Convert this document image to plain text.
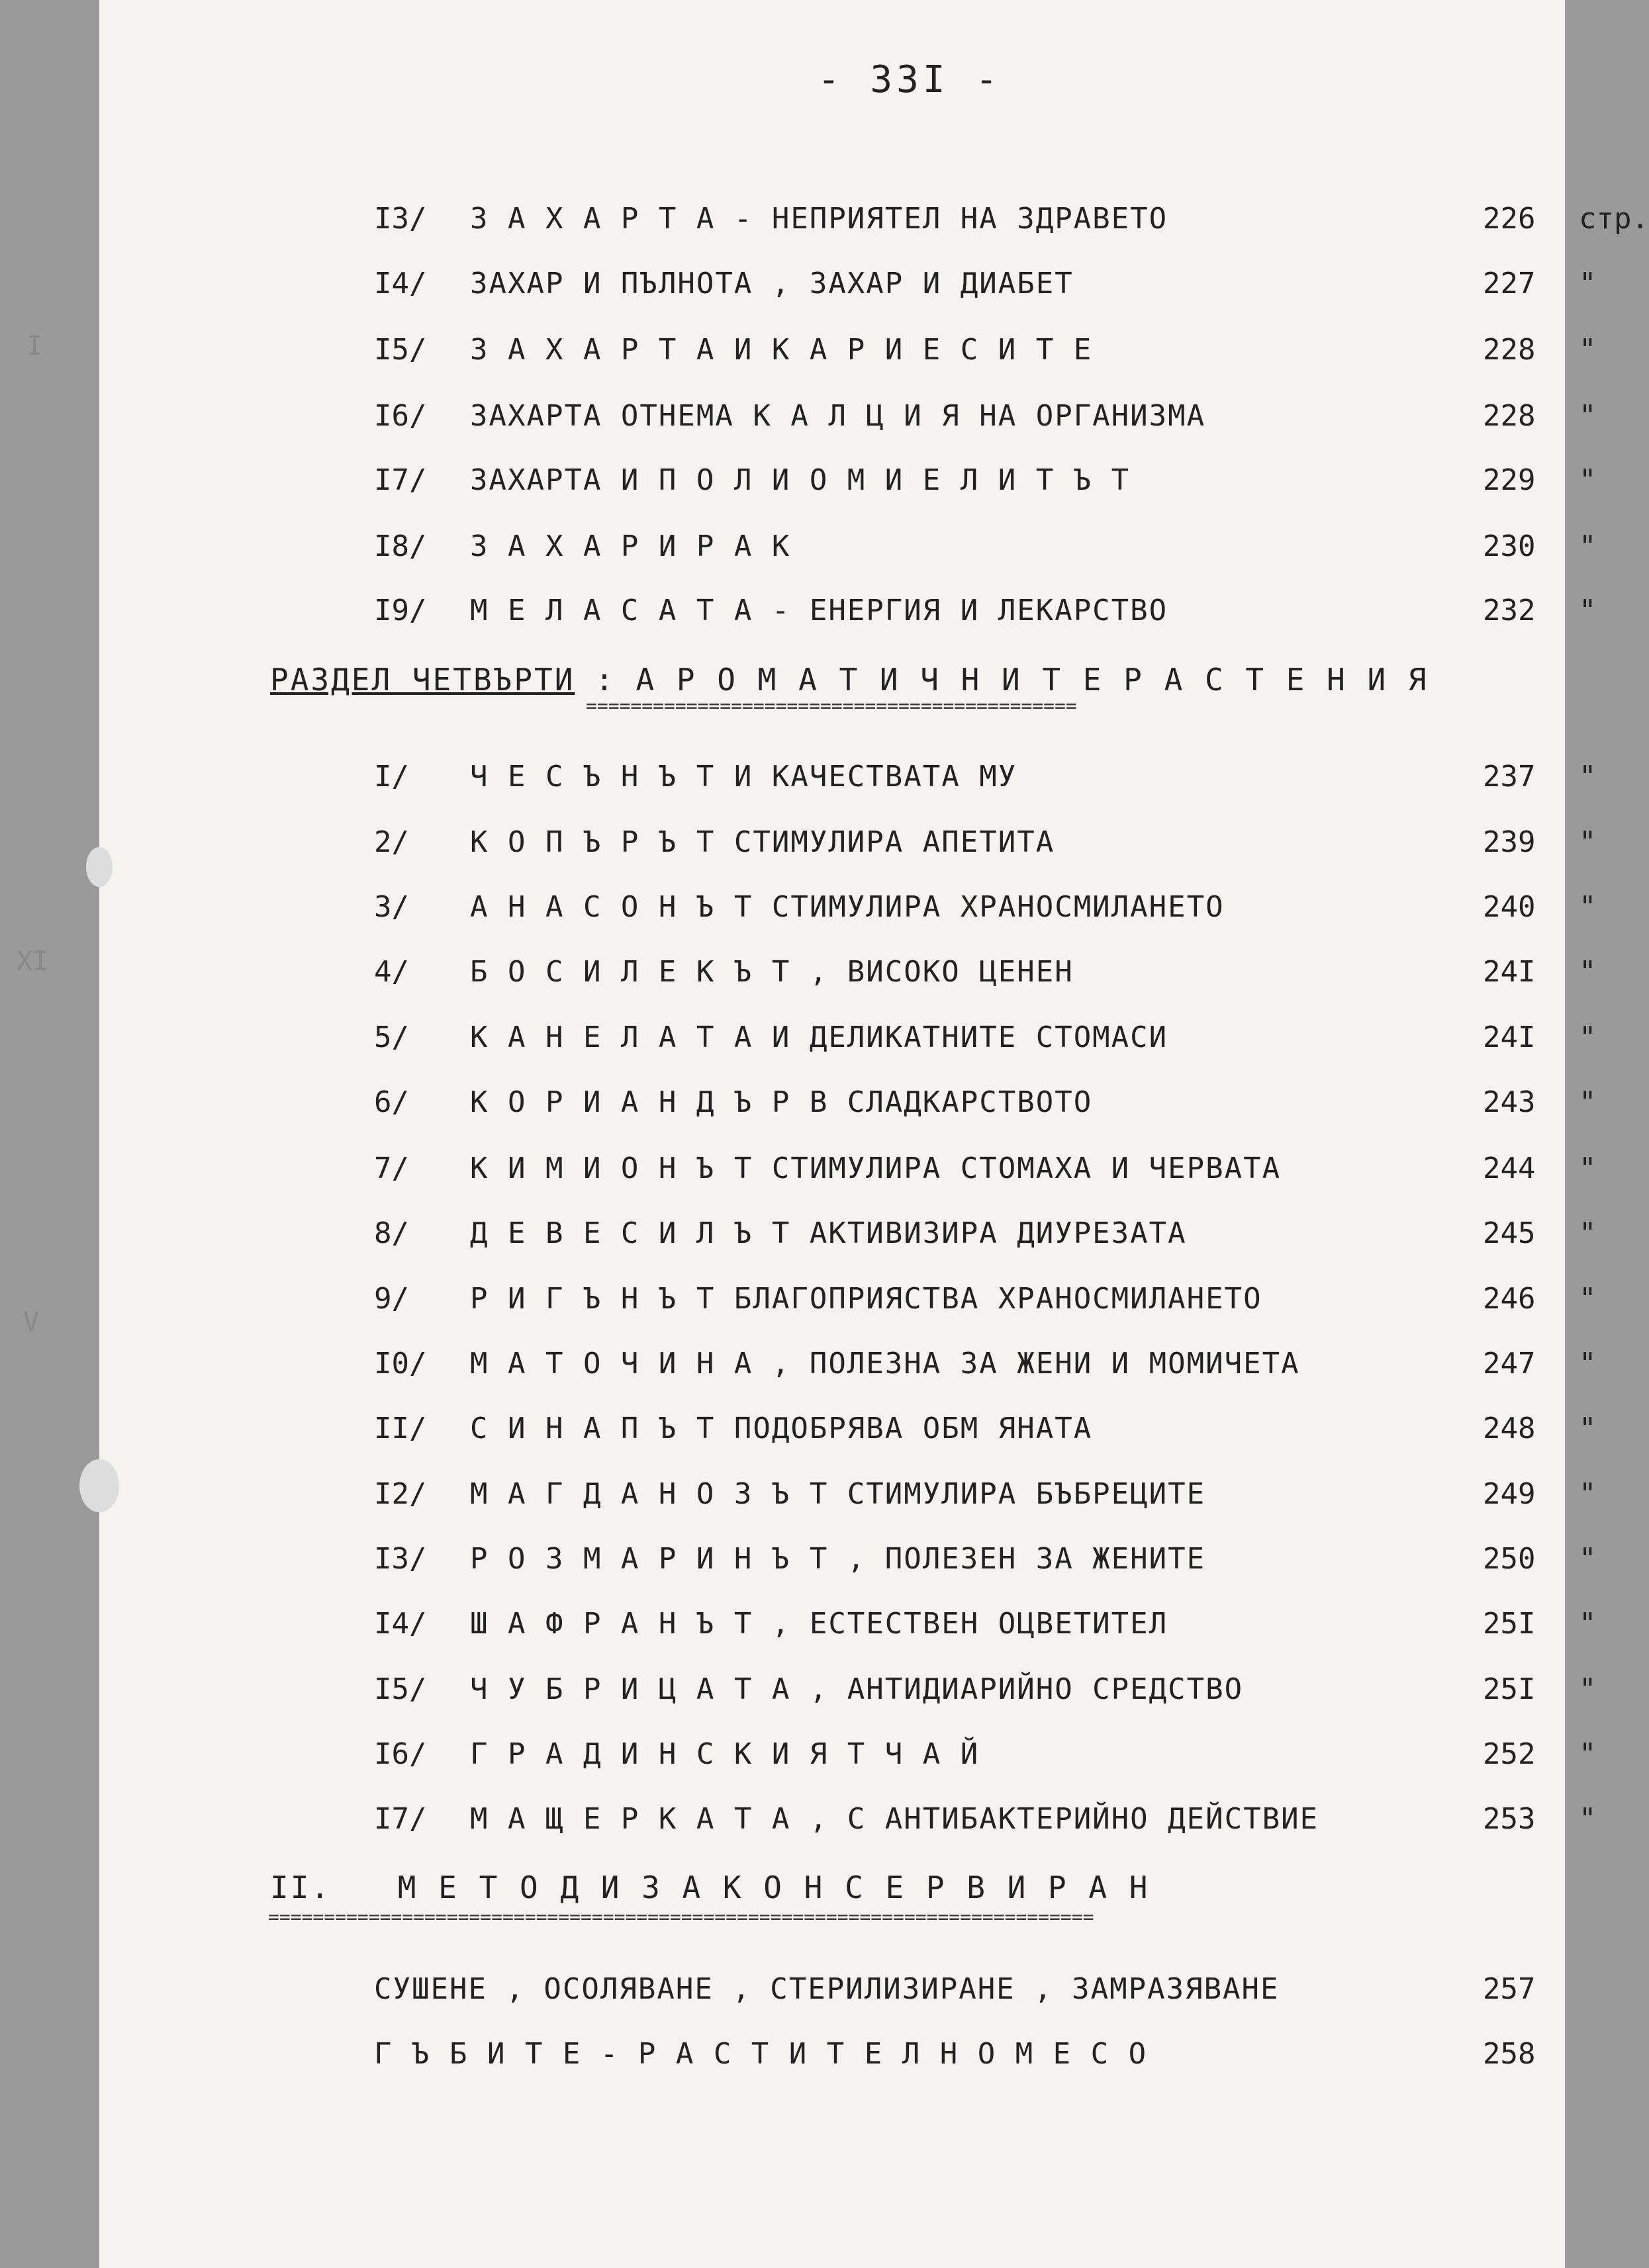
I
XI
V
- 33I -
I3/ З А Х А Р Т А - НЕПРИЯТЕЛ НА ЗДРАВЕТО	226 стр.
I4/ ЗАХАР И ПЪЛНОТА , ЗАХАР И ДИАБЕТ	227 "
I5/ З А Х А Р Т А И К А Р И Е С И Т Е	228 "
I6/ ЗАХАРТА ОТНЕМА К А Л Ц И Я НА ОРГАНИЗМА	228 "
I7/ ЗАХАРТА И П О Л И О М И Е Л И Т Ъ Т	229 "
I8/ З А Х А Р И Р А К	230 "
I9/ М Е Л А С А Т А - ЕНЕРГИЯ И ЛЕКАРСТВО	232 "
РАЗДЕЛ ЧЕТВЪРТИ : А Р О М А Т И Ч Н И Т Е Р А С Т Е Н И Я
============================================
I/ Ч Е С Ъ Н Ъ Т И КАЧЕСТВАТА МУ	237 "
2/ К О П Ъ Р Ъ Т СТИМУЛИРА АПЕТИТА	239 "
3/ А Н А С О Н Ъ Т СТИМУЛИРА ХРАНОСМИЛАНЕТО	240 "
4/ Б О С И Л Е К Ъ Т , ВИСОКО ЦЕНЕН	24I "
5/ К А Н Е Л А Т А И ДЕЛИКАТНИТЕ СТОМАСИ	24I "
6/ К О Р И А Н Д Ъ Р В СЛАДКАРСТВОТО	243 "
7/ К И М И О Н Ъ Т СТИМУЛИРА СТОМАХА И ЧЕРВАТА	244 "
8/ Д Е В Е С И Л Ъ Т АКТИВИЗИРА ДИУРЕЗАТА	245 "
9/ Р И Г Ъ Н Ъ Т БЛАГОПРИЯСТВА ХРАНОСМИЛАНЕТО	246 "
I0/ М А Т О Ч И Н А , ПОЛЕЗНА ЗА ЖЕНИ И МОМИЧЕТА	247 "
II/ С И Н А П Ъ Т ПОДОБРЯВА ОБМ ЯНАТА	248 "
I2/ М А Г Д А Н О З Ъ Т СТИМУЛИРА БЪБРЕЦИТЕ	249 "
I3/ Р О З М А Р И Н Ъ Т , ПОЛЕЗЕН ЗА ЖЕНИТЕ	250 "
I4/ Ш А Ф Р А Н Ъ Т , ЕСТЕСТВЕН ОЦВЕТИТЕЛ	25I "
I5/ Ч У Б Р И Ц А Т А , АНТИДИАРИЙНО СРЕДСТВО	25I "
I6/ Г Р А Д И Н С К И Я Т Ч А Й	252 "
I7/ М А Щ Е Р К А Т А , С АНТИБАКТЕРИЙНО ДЕЙСТВИЕ	253 "
II. М Е Т О Д И З А К О Н С Е Р В И Р А Н
==========================================================================
СУШЕНЕ , ОСОЛЯВАНЕ , СТЕРИЛИЗИРАНЕ , ЗАМРАЗЯВАНЕ	257
Г Ъ Б И Т Е - Р А С Т И Т Е Л Н О М Е С О	258
